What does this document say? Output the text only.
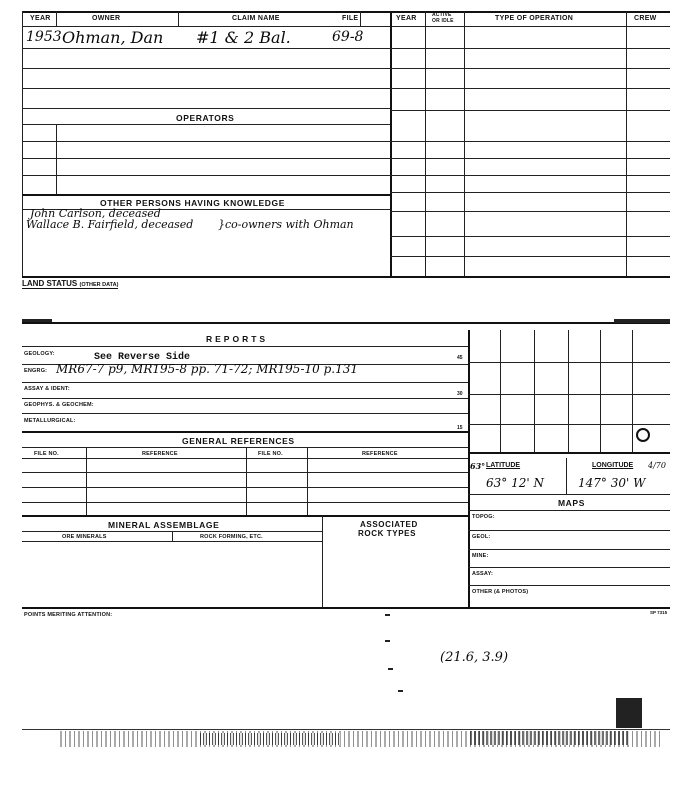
YEAR	OWNER	CLAIM NAME	FILE	YEAR	ACTIVE
OR IDLE	TYPE OF OPERATION	CREW
1953 Ohman, Dan #1 & 2 Bal.	69-8
OPERATORS
OTHER PERSONS HAVING KNOWLEDGE
John Carlson, deceased
Wallace B. Fairfield, deceased }co-owners with Ohman
LAND STATUS (OTHER DATA)
REPORTS
GEOLOGY:	See Reverse Side	45
ENGRG: MR67-7 p9, MR195-8 pp. 71-72; MR195-10 p.131
ASSAY & IDENT:
30
GEOPHYS. & GEOCHEM:
METALLURGICAL:
15
GENERAL REFERENCES
FILE NO.	REFERENCE	FILE NO.	REFERENCE
MINERAL ASSEMBLAGE
ORE MINERALS	ROCK FORMING, ETC.
ASSOCIATED
ROCK TYPES
63° LATITUDE	LONGITUDE 4/70
63° 12' N	147° 30' W
MAPS
TOPOG:
GEOL:
MINE:
ASSAY:
OTHER (& PHOTOS)
SP 7315
POINTS MERITING ATTENTION:
(21.6, 3.9)
